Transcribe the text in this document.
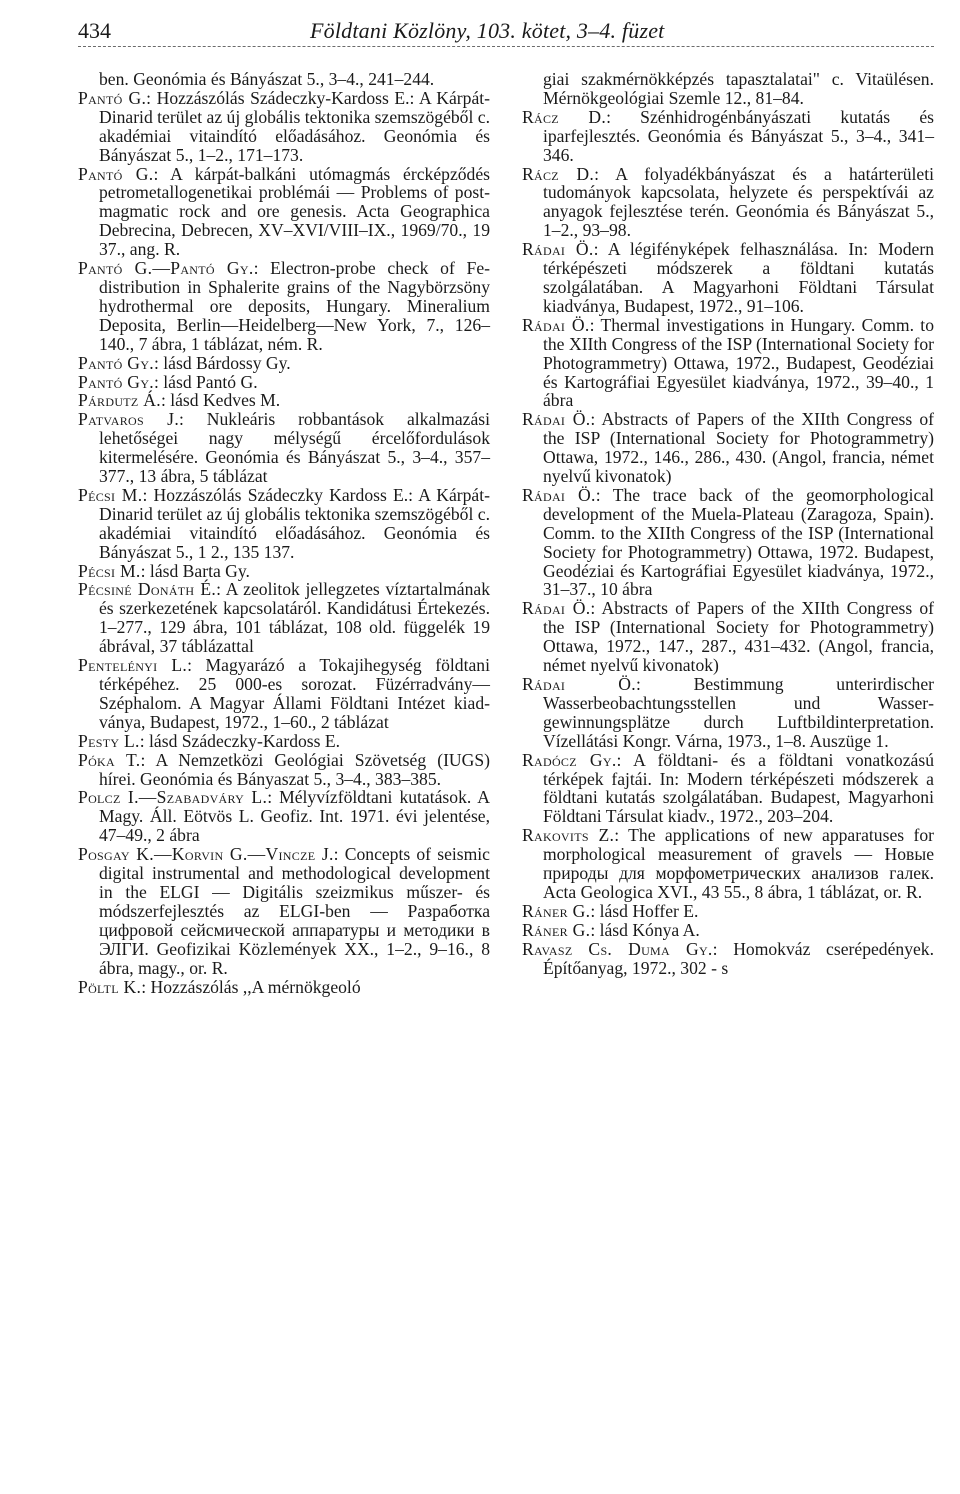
434	Földtani Közlöny, 103. kötet, 3–4. füzet

ben. Geonómia és Bányászat 5., 3–4., 241–244.

Pantó G.: Hozzászólás Szádeczky-Kardoss E.: A Kárpát-Dinarid terület az új globális tektonika szemszögéből c. akadémiai vitaindító előadásához. Geonómia és Bányászat 5., 1–2., 171–173.

Pantó G.: A kárpát-balkáni utómagmás ércképződés petrometallogenetikai problémái — Problems of post-magmatic rock and ore genesis. Acta Geographica Debrecina, Debrecen, XV–XVI/VIII–IX., 1969/70., 19 37., ang. R.

Pantó G.—Pantó Gy.: Electron-probe check of Fe-distribution in Sphalerite grains of the Nagybörzsöny hydrothermal ore deposits, Hungary. Mineralium Deposita, Berlin—Heidelberg—New York, 7., 126–140., 7 ábra, 1 táblázat, ném. R.

Pantó Gy.: lásd Bárdossy Gy.

Pantó Gy.: lásd Pantó G.

Párdutz Á.: lásd Kedves M.

Patvaros J.: Nukleáris robbantások alkalmazási lehetőségei nagy mélységű ércelőfordulások kitermelésére. Geonómia és Bányászat 5., 3–4., 357–377., 13 ábra, 5 táblázat

Pécsi M.: Hozzászólás Szádeczky Kardoss E.: A Kárpát-Dinarid terület az új globális tektonika szemszögéből c. akadémiai vitaindító előadásához. Geonómia és Bányászat 5., 1 2., 135 137.

Pécsi M.: lásd Barta Gy.

Pécsiné Donáth É.: A zeolitok jellegzetes víztartalmának és szerkezetének kapcsolatáról. Kandidátusi Értekezés. 1–277., 129 ábra, 101 táblázat, 108 old. függelék 19 ábrával, 37 táblázattal

Pentelényi L.: Magyarázó a Tokajihegység földtani térképéhez. 25 000-es sorozat. Füzérradvány—Széphalom. A Magyar Állami Földtani Intézet kiadványa, Budapest, 1972., 1–60., 2 táblázat

Pesty L.: lásd Szádeczky-Kardoss E.

Póka T.: A Nemzetközi Geológiai Szövetség (IUGS) hírei. Geonómia és Bányaszat 5., 3–4., 383–385.

Polcz I.—Szabadváry L.: Mélyvízföldtani kutatások. A Magy. Áll. Eötvös L. Geofiz. Int. 1971. évi jelentése, 47–49., 2 ábra

Posgay K.—Korvin G.—Vincze J.: Concepts of seismic digital instrumental and methodological development in the ELGI — Digitális szeizmikus műszer- és módszerfejlesztés az ELGI-ben — Разработка цифровой сейсмической аппаратуры и методики в ЭЛГИ. Geofizikai Közlemények XX., 1–2., 9–16., 8 ábra, magy., or. R.

Pöltl K.: Hozzászólás ,,A mérnökgeoló

giai szakmérnökképzés tapasztalatai" c. Vitaülésen. Mérnökgeológiai Szemle 12., 81–84.

Rácz D.: Szénhidrogénbányászati kutatás és iparfejlesztés. Geonómia és Bányászat 5., 3–4., 341–346.

Rácz D.: A folyadékbányászat és a határterületi tudományok kapcsolata, helyzete és perspektívái az anyagok fejlesztése terén. Geonómia és Bányászat 5., 1–2., 93–98.

Rádai Ö.: A légifényképek felhasználása. In: Modern térképészeti módszerek a földtani kutatás szolgálatában. A Magyarhoni Földtani Társulat kiadványa, Budapest, 1972., 91–106.

Rádai Ö.: Thermal investigations in Hungary. Comm. to the XIIth Congress of the ISP (International Society for Photogrammetry) Ottawa, 1972., Budapest, Geodéziai és Kartográfiai Egyesület kiadványa, 1972., 39–40., 1 ábra

Rádai Ö.: Abstracts of Papers of the XIIth Congress of the ISP (International Society for Photogrammetry) Ottawa, 1972., 146., 286., 430. (Angol, francia, német nyelvű kivonatok)

Rádai Ö.: The trace back of the geomorphological development of the Muela-Plateau (Zaragoza, Spain). Comm. to the XIIth Congress of the ISP (International Society for Photogrammetry) Ottawa, 1972. Budapest, Geodéziai és Kartográfiai Egyesület kiadványa, 1972., 31–37., 10 ábra

Rádai Ö.: Abstracts of Papers of the XIIth Congress of the ISP (International Society for Photogrammetry) Ottawa, 1972., 147., 287., 431–432. (Angol, francia, német nyelvű kivonatok)

Rádai Ö.: Bestimmung unterirdischer Wasserbeobachtungsstellen und Wassergewinnungsplätze durch Luftbildinterpretation. Vízellátási Kongr. Várna, 1973., 1–8. Auszüge 1.

Radócz Gy.: A földtani- és a földtani vonatkozású térképek fajtái. In: Modern térképészeti módszerek a földtani kutatás szolgálatában. Budapest, Magyarhoni Földtani Társulat kiadv., 1972., 203–204.

Rakovits Z.: The applications of new apparatuses for morphological measurement of gravels — Новые природы для морфометрических анализов галек. Acta Geologica XVI., 43 55., 8 ábra, 1 táblázat, or. R.

Ráner G.: lásd Hoffer E.

Ráner G.: lásd Kónya A.

Ravasz Cs. Duma Gy.: Homokváz cserépedények. Építőanyag, 1972., 302 - s
